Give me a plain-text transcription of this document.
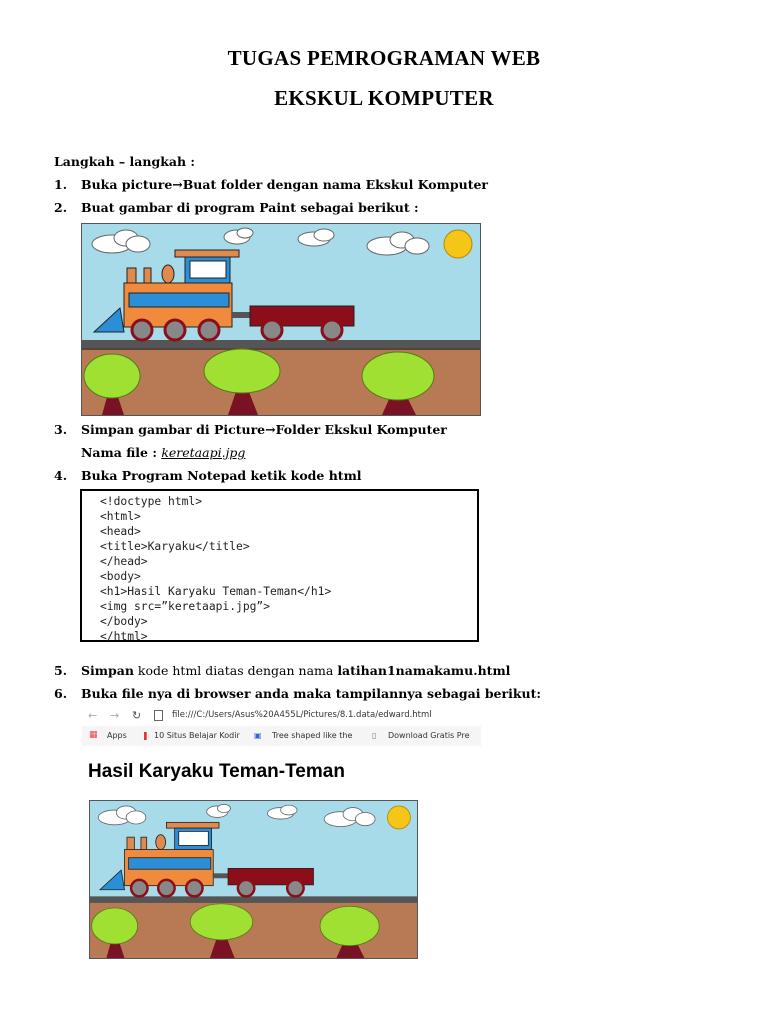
TUGAS PEMROGRAMAN WEB
EKSKUL KOMPUTER
Langkah – langkah :
1. Buka picture→Buat folder dengan nama Ekskul Komputer
2. Buat gambar di program Paint sebagai berikut :
3. Simpan gambar di Picture→Folder Ekskul Komputer
Nama file : keretaapi.jpg
4. Buka Program Notepad ketik kode html
<!doctype html>
<html>
<head>
<title>Karyaku</title>
</head>
<body>
<h1>Hasil Karyaku Teman-Teman</h1>
<img src=”keretaapi.jpg”>
</body>
</html>
5. Simpan kode html diatas dengan nama latihan1namakamu.html
6. Buka file nya di browser anda maka tampilannya sebagai berikut:
← → ↻	file:///C:/Users/Asus%20A455L/Pictures/8.1.data/edward.html
▦ Apps ❚ 10 Situs Belajar Kodir ▣ Tree shaped like the ▯ Download Gratis Pre
Hasil Karyaku Teman-Teman
